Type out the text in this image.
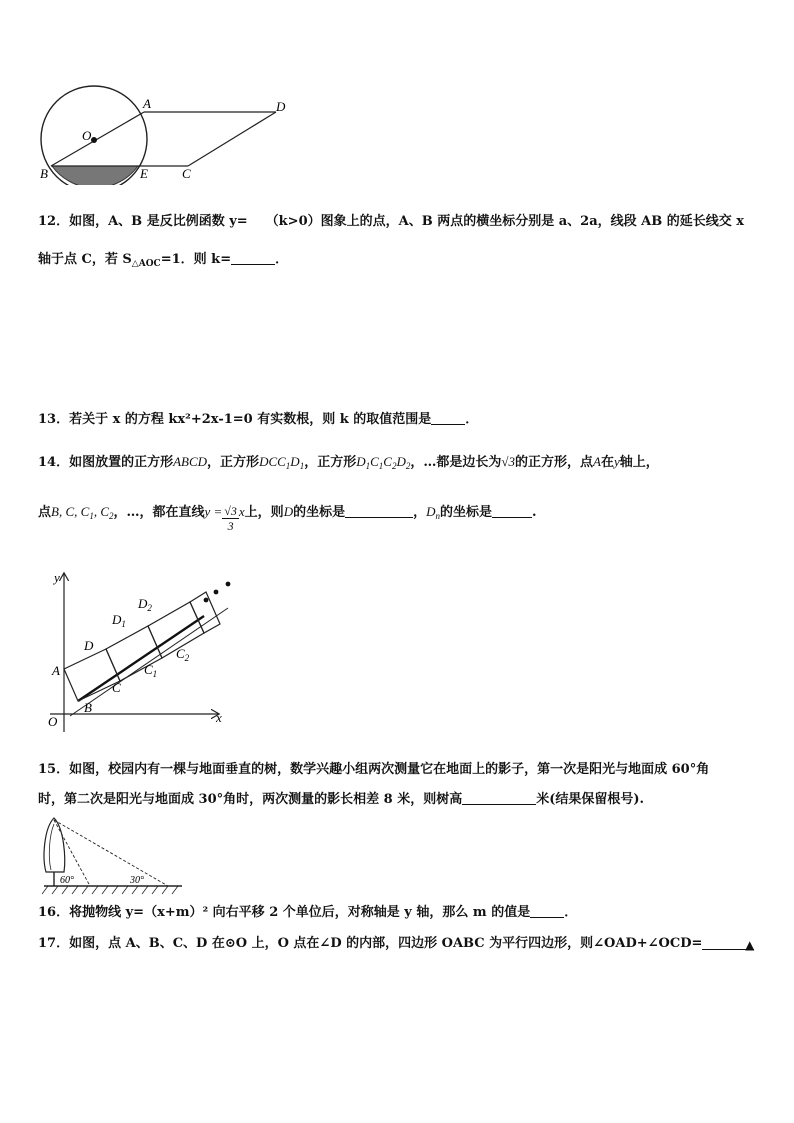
A	D
O
B	E	C
12．如图，A、B 是反比例函数 y= （k>0）图象上的点，A、B 两点的横坐标分别是 a、2a，线段 AB 的延长线交 x
轴于点 C，若 $S_{\triangle AOC}=1$．则 k=	．
13．若关于 x 的方程 kx²+2x-1=0 有实数根，则 k 的取值范围是	．
14．如图放置的正方形ABCD，正方形$DCC_1D_1$，正方形$D_1C_1C_2D_2$，…都是边长为√3的正方形，点A在y轴上，
点B, C, $C_1$, $C_2$，…，都在直线$y = \frac{√3}{3}$ x上，则D的坐标是	，$D_n$的坐标是	.
y
x
O
A
B
C
D
$D_1$
$D_2$
$C_1$
$C_2$
15．如图，校园内有一棵与地面垂直的树，数学兴趣小组两次测量它在地面上的影子，第一次是阳光与地面成 60°角
时，第二次是阳光与地面成 30°角时，两次测量的影长相差 8 米，则树高	米(结果保留根号).
60°	30°
16．将抛物线 y=（x+m）² 向右平移 2 个单位后，对称轴是 y 轴，那么 m 的值是	．
17．如图，点 A、B、C、D 在⊙O 上，O 点在∠D 的内部，四边形 OABC 为平行四边形，则∠OAD+∠OCD=	▲
